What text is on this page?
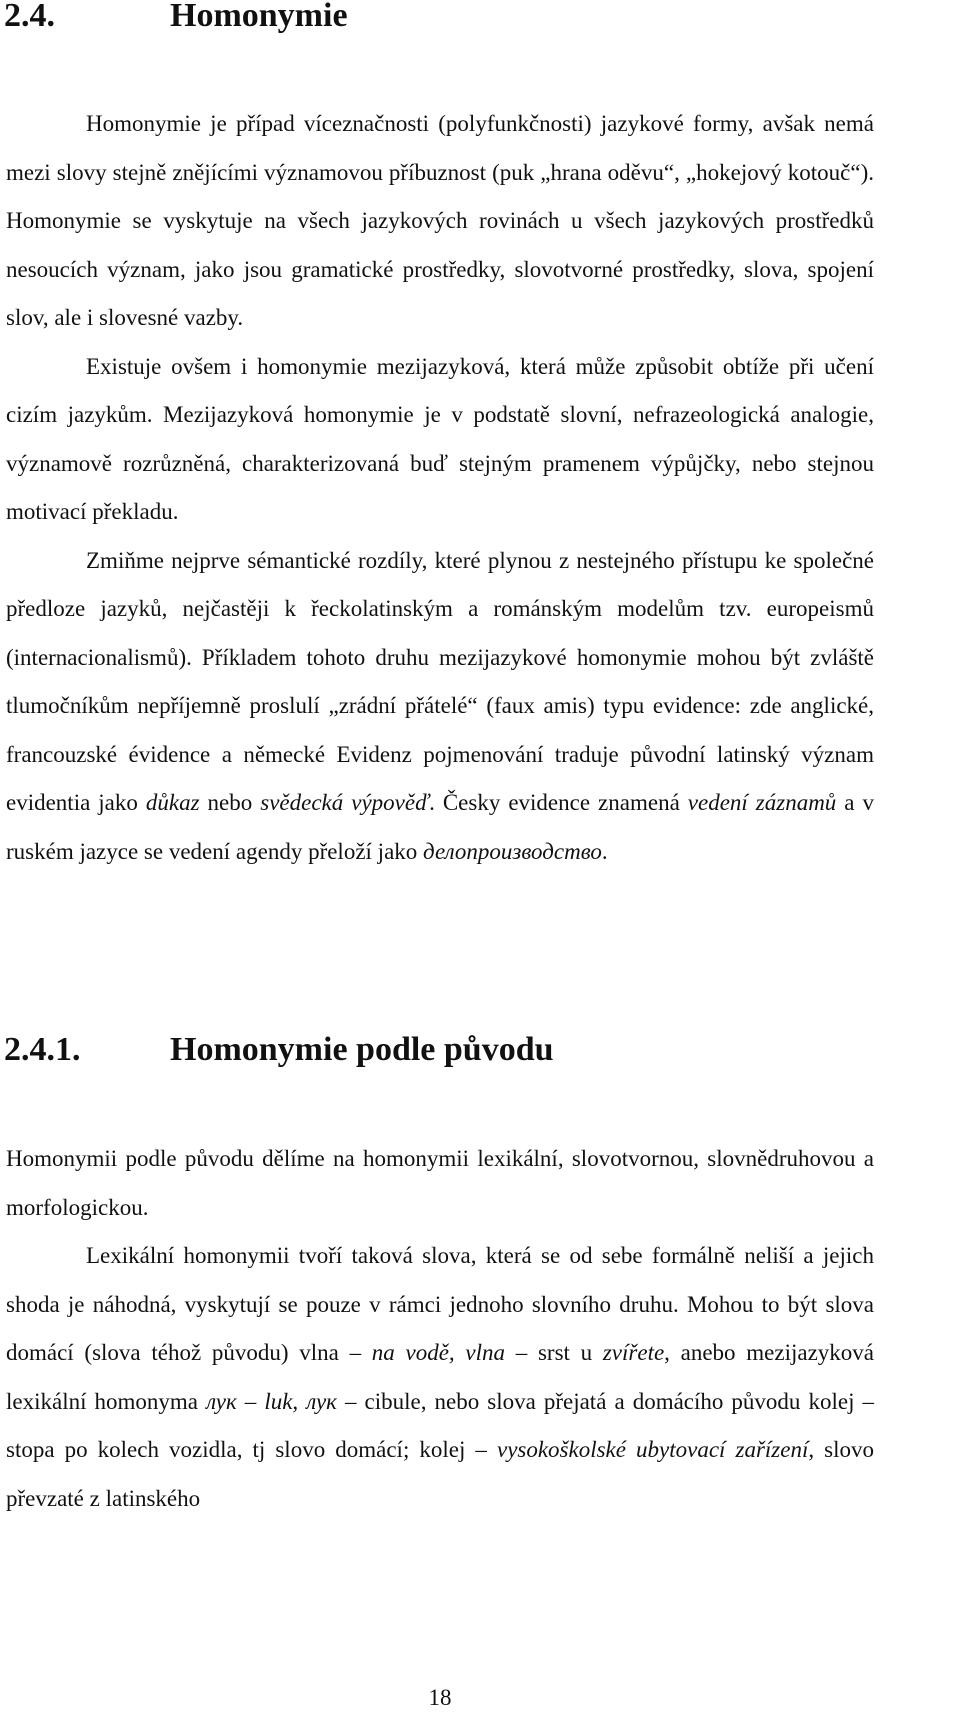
2.4.	Homonymie

Homonymie je případ víceznačnosti (polyfunkčnosti) jazykové formy, avšak nemá mezi slovy stejně znějícími významovou příbuznost (puk „hrana oděvu“, „hokejový kotouč“). Homonymie se vyskytuje na všech jazykových rovinách u všech jazykových prostředků nesoucích význam, jako jsou gramatické prostředky, slovotvorné prostředky, slova, spojení slov, ale i slovesné vazby.

Existuje ovšem i homonymie mezijazyková, která může způsobit obtíže při učení cizím jazykům. Mezijazyková homonymie je v podstatě slovní, nefrazeologická analogie, významově rozrůzněná, charakterizovaná buď stejným pramenem výpůjčky, nebo stejnou motivací překladu.

Zmiňme nejprve sémantické rozdíly, které plynou z nestejného přístupu ke společné předloze jazyků, nejčastěji k řeckolatinským a románským modelům tzv. europeismů (internacionalismů). Příkladem tohoto druhu mezijazykové homonymie mohou být zvláště tlumočníkům nepříjemně proslulí „zrádní přátelé“ (faux amis) typu evidence: zde anglické, francouzské évidence a německé Evidenz pojmenování traduje původní latinský význam evidentia jako důkaz nebo svědecká výpověď. Česky evidence znamená vedení záznamů a v ruském jazyce se vedení agendy přeloží jako делопроизводство.

2.4.1.	Homonymie podle původu

Homonymii podle původu dělíme na homonymii lexikální, slovotvornou, slovnědruhovou a morfologickou.

Lexikální homonymii tvoří taková slova, která se od sebe formálně neliší a jejich shoda je náhodná, vyskytují se pouze v rámci jednoho slovního druhu. Mohou to být slova domácí (slova téhož původu) vlna – na vodě, vlna – srst u zvířete, anebo mezijazyková lexikální homonyma лук – luk, лук – cibule, nebo slova přejatá a domácího původu kolej – stopa po kolech vozidla, tj slovo domácí; kolej – vysokoškolské ubytovací zařízení, slovo převzaté z latinského

18
